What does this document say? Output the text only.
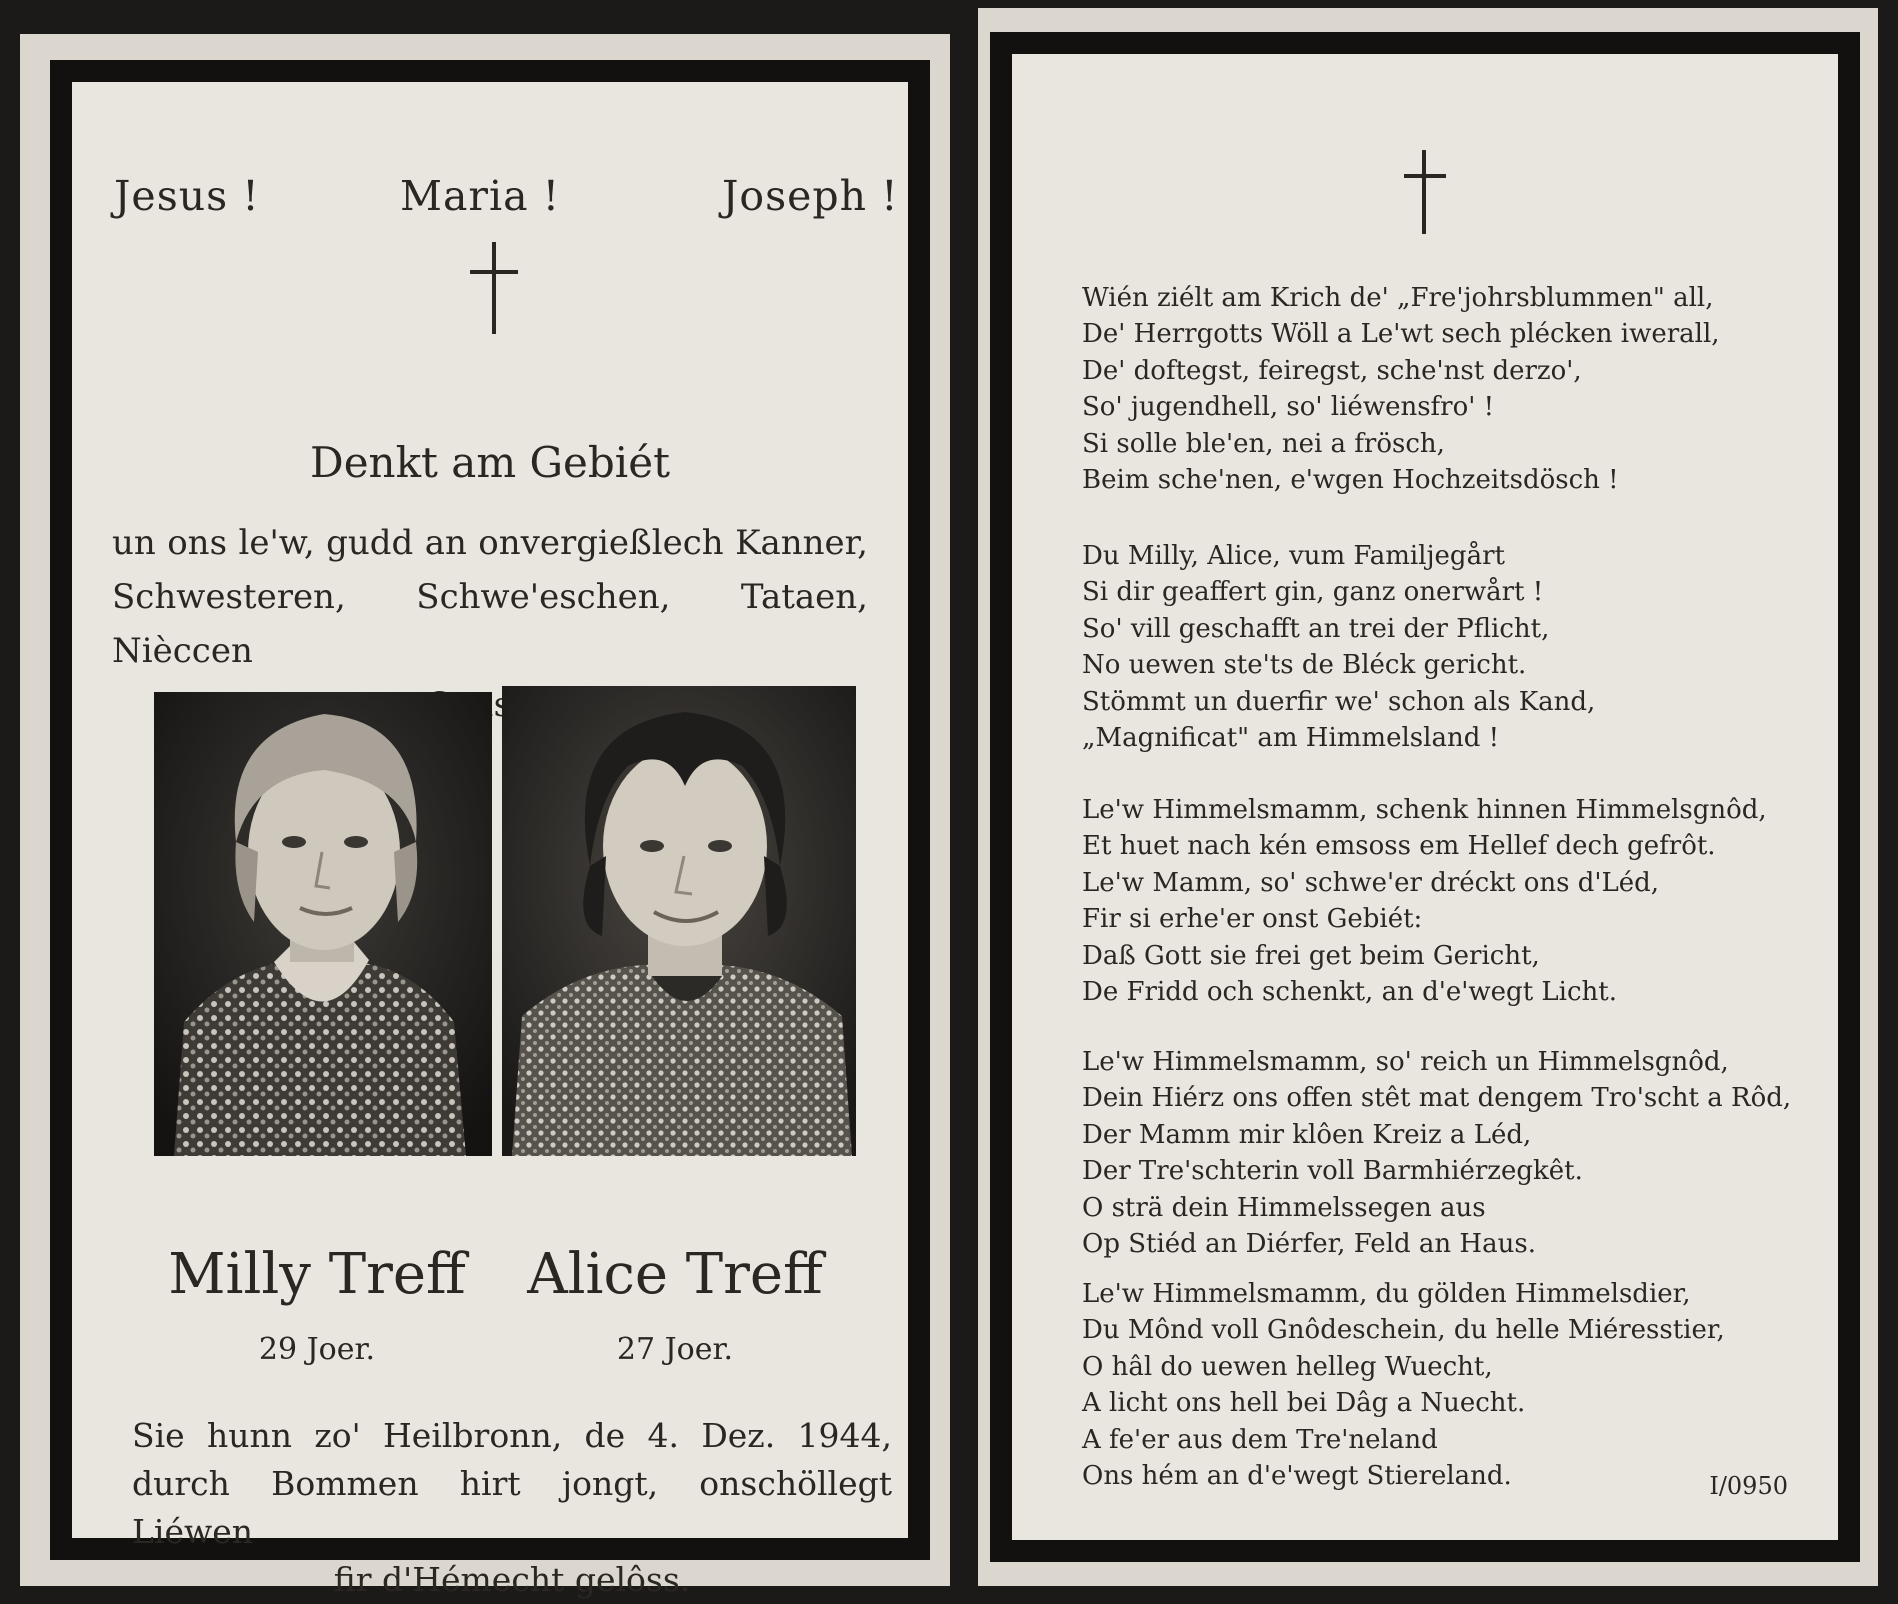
Jesus !	Maria !	Joseph !
Denkt am Gebiét
un ons le'w, gudd an onvergießlech Kanner,
Schwesteren, Schwe'eschen, Tataen, Nièccen
Milly Treff	Alice Treff
29 Joer.	27 Joer.
Sie hunn zo' Heilbronn, de 4. Dez. 1944,
durch Bommen hirt jongt, onschöllegt Liéwen
fir d'Hémecht gelôss.
Wién ziélt am Krich de' „Fre'johrsblummen" all,
De' Herrgotts Wöll a Le'wt sech plécken iwerall,
De' doftegst, feiregst, sche'nst derzo',
So' jugendhell, so' liéwensfro' !
Si solle ble'en, nei a frösch,
Beim sche'nen, e'wgen Hochzeitsdösch !
Du Milly, Alice, vum Familjegårt
Si dir geaffert gin, ganz onerwårt !
So' vill geschafft an trei der Pflicht,
No uewen ste'ts de Bléck gericht.
Stömmt un duerfir we' schon als Kand,
„Magnificat" am Himmelsland !
Le'w Himmelsmamm, schenk hinnen Himmelsgnôd,
Et huet nach kén emsoss em Hellef dech gefrôt.
Le'w Mamm, so' schwe'er dréckt ons d'Léd,
Fir si erhe'er onst Gebiét:
Daß Gott sie frei get beim Gericht,
De Fridd och schenkt, an d'e'wegt Licht.
Le'w Himmelsmamm, so' reich un Himmelsgnôd,
Dein Hiérz ons offen stêt mat dengem Tro'scht a Rôd,
Der Mamm mir klôen Kreiz a Léd,
Der Tre'schterin voll Barmhiérzegkêt.
O strä dein Himmelssegen aus
Op Stiéd an Diérfer, Feld an Haus.
Le'w Himmelsmamm, du gölden Himmelsdier,
Du Mônd voll Gnôdeschein, du helle Miéresstier,
O hâl do uewen helleg Wuecht,
A licht ons hell bei Dâg a Nuecht.
A fe'er aus dem Tre'neland
Ons hém an d'e'wegt Stiereland.	I/0950
